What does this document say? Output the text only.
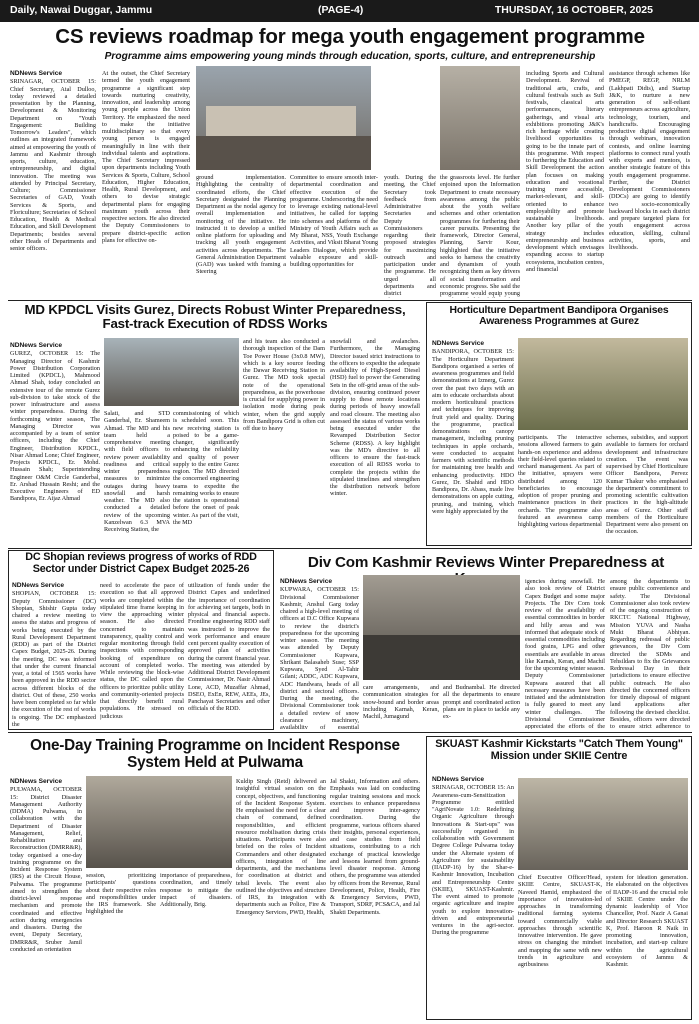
Daily, Nawai Duggar, Jammu	(PAGE-4)	THURSDAY, 16 OCTOBER, 2025
CS reviews roadmap for mega youth engagement programme
Programme aims empowering young minds through education, sports, culture, and entrepreneurship
NDNews Service
SRINAGAR, OCTOBER 15: Chief Secretary, Atal Dulloo, today reviewed a detailed presentation by the Planning, Development & Monitoring Department on "Youth Engagement: Building Tomorrow's Leaders", which outlines an integrated framework aimed at empowering the youth of Jammu and Kashmir through sports, culture, education, entrepreneurship, and digital innovation. The meeting was attended by Principal Secretary, Culture; Commissioner Secretaries of GAD, Youth Services & Sports, and Floriculture; Secretaries of School Education, Health & Medical Education, and Skill Development Departments; besides several other Heads of Departments and senior officers.
At the outset, the Chief Secretary termed the youth engagement programme a significant step towards nurturing creativity, innovation, and leadership among young people across the Union Territory. He emphasized the need to make the initiative multidisciplinary so that every young person is engaged meaningfully in line with their individual talents and aspirations. The Chief Secretary impressed upon departments including Youth Services & Sports, Culture, School Education, Higher Education, Health, Rural Development, and others to devise strategic departmental plans for engaging maximum youth across their respective sectors. He also directed the Deputy Commissioners to prepare district-specific action plans for effective on-
ground implementation. Highlighting the centrality of coordinated efforts, the Chief Secretary designated the Planning Department as the nodal agency for overall implementation and monitoring of the initiative. He instructed it to develop a unified online platform for uploading and tracking all youth engagement activities across departments. The General Administration Department (GAD) was tasked with framing a Steering
Committee to ensure smooth inter-departmental coordination and effective execution of the programme. Underscoring the need to leverage existing national-level initiatives, he called for tapping into schemes and platforms of the Ministry of Youth Affairs such as My Bharat, NSS, Youth Exchange Activities, and Viksit Bharat Young Leaders Dialogue, which provide valuable exposure and skill-building opportunities for
youth. During the meeting, the Chief Secretary took feedback from Administrative Secretaries and Deputy Commissioners regarding their proposed strategies for maximizing outreach and participation under the programme. He urged all departments and district
the grassroots level. He further enjoined upon the Information Department to create necessary awareness among the public about the youth welfare schemes and other orientation programmes for furthering their career pursuits. Presenting the framework, Director General, Planning, Sarvir Kour, highlighted that the initiative seeks to harness the creativity and dynamism of youth recognizing them as key drivers of social transformation and economic progress. She said the programme would equip young
including Sports and Cultural Development. Revival of traditional arts, crafts, and cultural festivals such as Sufi festivals, classical arts performances, literary gatherings, and visual arts exhibitions promoting J&K's rich heritage while creating livelihood opportunities is going to be the innate part of this programme. With respect to furthering the Education and Skill Development the action plan focuses on making education and vocational training more accessible, market-relevant, and skill-oriented to enhance employability and promote sustainable livelihoods. Another key pillar of the strategy includes entrepreneurship and business development which envisages expanding access to startup ecosystems, incubation centres, and financial
assistance through schemes like PMEGP, REGP, NRLM (Lakhpati Didis), and Startup J&K, to nurture a new generation of self-reliant entrepreneurs across agriculture, technology, tourism, and handicrafts. Encouraging productive digital engagement through webinars, innovation contests, and online learning platforms to connect rural youth with experts and mentors, is another strategic feature of this youth engagement programme. Further, the District Development Commissioners (DDCs) are going to identify two socio-economically backward blocks in each district and prepare targeted plans for youth engagement across education, skilling, cultural activities, sports, and livelihoods.
MD KPDCL Visits Gurez, Directs Robust Winter Preparedness, Fast-track Execution of RDSS Works
NDNews Service
GUREZ, OCTOBER 15: The Managing Director of Kashmir Power Distribution Corporation Limited (KPDCL), Mahmood Ahmad Shah, today concluded an extensive tour of the remote Gurez sub-division to take stock of the power infrastructure and assess winter preparedness. During the forthcoming winter season, The Managing Director was accompanied by a team of senior officers, including the Chief Engineer, Distribution KPDCL, Nisar Ahmad Lone; Chief Engineer, Projects KPDCL, Er. Mohd. Hussain Shah; Superintending Engineer O&M Circle Ganderbal, Er. Arshad Hussain Reshi; and the Executive Engineers of ED Bandipora, Er. Aijaz Ahmad
Salati, and STD Ganderbal, Er. Shameem Ahmad. The MD and his team held a comprehensive meeting with field officers to review power availability readiness and critical winter preparedness measures to minimize outages during heavy snowfall and harsh weather. The MD also conducted a detailed review of the upcoming Kanzelwan 6.3 MVA Receiving Station, the
commissioning of which is scheduled soon. This new receiving station is poised to be a game-changer, significantly enhancing the reliability and quality of power supply to the entire Gurez region. The MD directed the concerned engineering teams to expedite the remaining works to ensure the station is operational before the onset of peak winter. As part of the visit, the MD
and his team also conducted a thorough inspection of the Dam Toe Power House (3x0.8 MW), which is a key source feeding the Dawar Receiving Station in Gurez. The MD took special note of the operational preparedness, as the powerhouse is crucial for supplying power in isolation mode during peak winter, when the grid supply from Bandipora Grid is often cut off due to heavy
snowfall and avalanches. Furthermore, the Managing Director issued strict instructions to the officers to expedite the adequate availability of High-Speed Diesel (HSD) fuel to power the Generating Sets in the off-grid areas of the sub-division, ensuring continued power supply to these remote locations during periods of heavy snowfall and road closure. The meeting also assessed the status of various works being executed under the Revamped Distribution Sector Scheme (RDSS). A key highlight was the MD's directive to all officers to ensure the fast-track execution of all RDSS works to complete the projects within the stipulated timelines and strengthen the distribution network before winter.
Horticulture Department Bandipora Organises Awareness Programmes at Gurez
NDNews Service
BANDIPORA, OCTOBER 15: The Horticulture Department Bandipora organised a series of awareness programmes and field demonstrations at Izmerg, Gurez over the past two days with an aim to educate orchardists about modern horticultural practices and techniques for improving fruit yield and quality. During the programme, practical demonstrations on canopy management, including pruning techniques in apple orchards, were conducted to acquaint farmers with scientific methods for maintaining tree health and enhancing productivity. HDO Gurez, Dr. Shahid and HDO Bandipora, Dr. Abass, made live demonstrations on apple cutting, pruning, and training, which were highly appreciated by the
participants. The interactive sessions allowed farmers to gain hands-on experience and address their field-level queries related to orchard management. As part of the initiative, sprayers were distributed among 120 beneficiaries to encourage adoption of proper pruning and maintenance practices in their orchards. The programme also featured an awareness camp highlighting various departmental
schemes, subsidies, and support available to farmers for orchard development and infrastructure creation. The event was supervised by Chief Horticulture Officer Bandipora, Pervez Kumar Thakur who emphasised the department's commitment to promoting scientific cultivation practices in the high-altitude areas of Gurez. Other staff members of the Horticulture Department were also present on the occasion.
DC Shopian reviews progress of works of RDD Sector under District Capex Budget 2025-26
NDNews Service
SHOPIAN, OCTOBER 15: Deputy Commissioner (DC) Shopian, Shishir Gupta today chaired a review meeting to assess the status and progress of works being executed by the Rural Development Department (RDD) as part of the District Capex Budget, 2025-26. During the meeting, DC was informed that under the current financial year, a total of 1565 works have been approved in the RDD sector across different blocks of the district. Out of these, 250 works have been completed so far while the execution of the rest of works is ongoing. The DC emphasized the
need to accelerate the pace of execution so that all approved works are completed within the stipulated time frame keeping in view the approaching winter season. He also directed concerned to maintain transparency, quality control and regular monitoring through field inspections with corresponding booking of expenditure on account of completed works. While reviewing the block-wise status, the DC called upon the officers to prioritize public utility and community-oriented projects that directly benefit rural populations. He stressed on judicious
utilization of funds under the District Capex and underlined the importance of coordination for achieving set targets, both in physical and financial aspects. Frontline engineering RDD staff was instructed to improve the work performance and ensure cent percent quality execution of approved plan of activities during the current financial year. The meeting was attended by Additional District Development Commissioner, Dr. Nasir Ahmad Lone, ACD, Muzaffar Ahmad, DSEO, ExEn, REW, AEEs, JEs, Panchayat Secretaries and other officials of the RDD.
Div Com Kashmir Reviews Winter Preparedness at
NDNews Service
KUPWARA, OCTOBER 15: Divisional Commissioner Kashmir, Anshul Garg today chaired a high-level meeting of officers at D.C Office Kupwara to review the district's preparedness for the upcoming winter season. The meeting was attended by Deputy Commissioner Kupwara, Shrikant Balasaheb Suse; SSP Kupwara, Syed Al-Tahir Gilani; ADDC, ADC Kupwara, ADC Handwara, heads of all district and sectoral officers. During the meeting, the Divisional Commissioner took a detailed review of snow clearance machinery, availability of essential
care arrangements, and communication strategies for snow-bound and border areas including Karnah, Keran, Machil, Jumagund
and Budnambal. He directed all the departments to ensure prompt and coordinated action plans are in place to tackle any ex-
igencies during snowfall. He also took review of District Capex Budget and some major Projects. The Div Com took review of the availability of essential commodities in border and hilly areas and was informed that adequate stock of essential commodities including food grains, LPG and other essentials are available in areas like Karnah, Keran, and Machil for the upcoming winter season. Deputy Commissioner Kupwara assured that all necessary measures have been initiated and the administration is fully geared to meet any winter challenges. The Divisional Commissioner appreciated the efforts of the
among the departments to ensure public convenience and safety. The Divisional Commissioner also took review of the ongoing construction of RKCTC National Highway, Mission YUVA and Nasha Mukt Bharat Abhiyan. Regarding redressal of public grievances, the Div Com directed the SDMs and Tehsildars to fix the Grievances Redressal Day in their jurisdictions to ensure effective public outreach. He also directed the concerned officers for timely disposal of migrant land applications after following the devised checklist. Besides, officers were directed to ensure strict adherence to
One-Day Training Programme on Incident Response System Held at Pulwama
NDNews Service
PULWAMA, OCTOBER 15: District Disaster Management Authority (DDMA) Pulwama, in collaboration with the Department of Disaster Management, Relief, Rehabilitation and Reconstruction (DMRR&R), today organised a one-day training programme on the Incident Response System (IRS) at the Circuit House, Pulwama. The programme aimed to strengthen the district-level response mechanism and promote coordinated and effective action during emergencies and disasters. During the event, Deputy Secretary, DMRR&R, Sruber Jamil conducted an orientation
session, prioritizing participants' questions about their respective roles and responsibilities under the IRS framework. She highlighted the
importance of preparedness, coordination, and timely response to mitigate the impact of disasters. Additionally, Brig.
Kuldip Singh (Retd) delivered an insightful virtual session on the concept, objectives, and functioning of the Incident Response System. He emphasised the need for a clear chain of command, defined responsibilities, and efficient resource mobilisation during crisis situations. Participants were also briefed on the roles of Incident Commanders and other designated officers, integration of line departments, and the mechanisms for coordination at district and tehsil levels. The event also outlined the objectives and structure of IRS, its integration with departments such as Police, Fire & Emergency Services, PWD, Health,
Jal Shakti, Information and others. Emphasis was laid on conducting regular training sessions and mock exercises to enhance preparedness and improve inter-agency coordination. During the programme, various officers shared their insights, personal experiences, and case studies from field situations, contributing to a rich exchange of practical knowledge and lessons learned from ground-level disaster response. Among others, the programme was attended by officers from the Revenue, Rural Development, Police, Health, Fire & Emergency Services, PWD, Transport, SDRF, PCS&CA, and Jal Shakti Departments.
SKUAST Kashmir Kickstarts "Catch Them Young" Mission under SKIIE Centre
NDNews Service
SRINAGAR, OCTOBER 15: An Awareness-cum-Sensitization Programme entitled "AgriNovate 1.0: Redefining Organic Agriculture through Innovations & Start-ups" was successfully organised in collaboration with Government Degree College Pulwama today under the Alternate system of Agriculture for sustainability (IIADP-16) by the Shar-e-Kashmir Innovation, Incubation and Entrepreneurship Centre (SKIIE), SKUAST-Kashmir. The event aimed to promote organic agriculture and inspire youth to explore innovation-driven and entrepreneurial ventures in the agri-sector. During the programme
Chief Executive Officer/Head, SKIIE Centre, SKUAST-K, Naveed Hamid, emphasized the importance of innovation-led approaches in transforming traditional farming systems toward commercially viable approaches through scientific innovative intervention. He gave stress on changing the mindset and mapping the same with new trends in agriculture and agribusiness
system for ideation generation. He elaborated on the objectives of IIADP-16 and the crucial role of SKIIE Centre under the dynamic leadership of Vice Chancellor, Prof. Nazir A Ganai and Director Research SKUAST K, Prof. Haroon R Naik in promoting innovation, incubation, and start-up culture within the agricultural ecosystem of Jammu & Kashmir.
